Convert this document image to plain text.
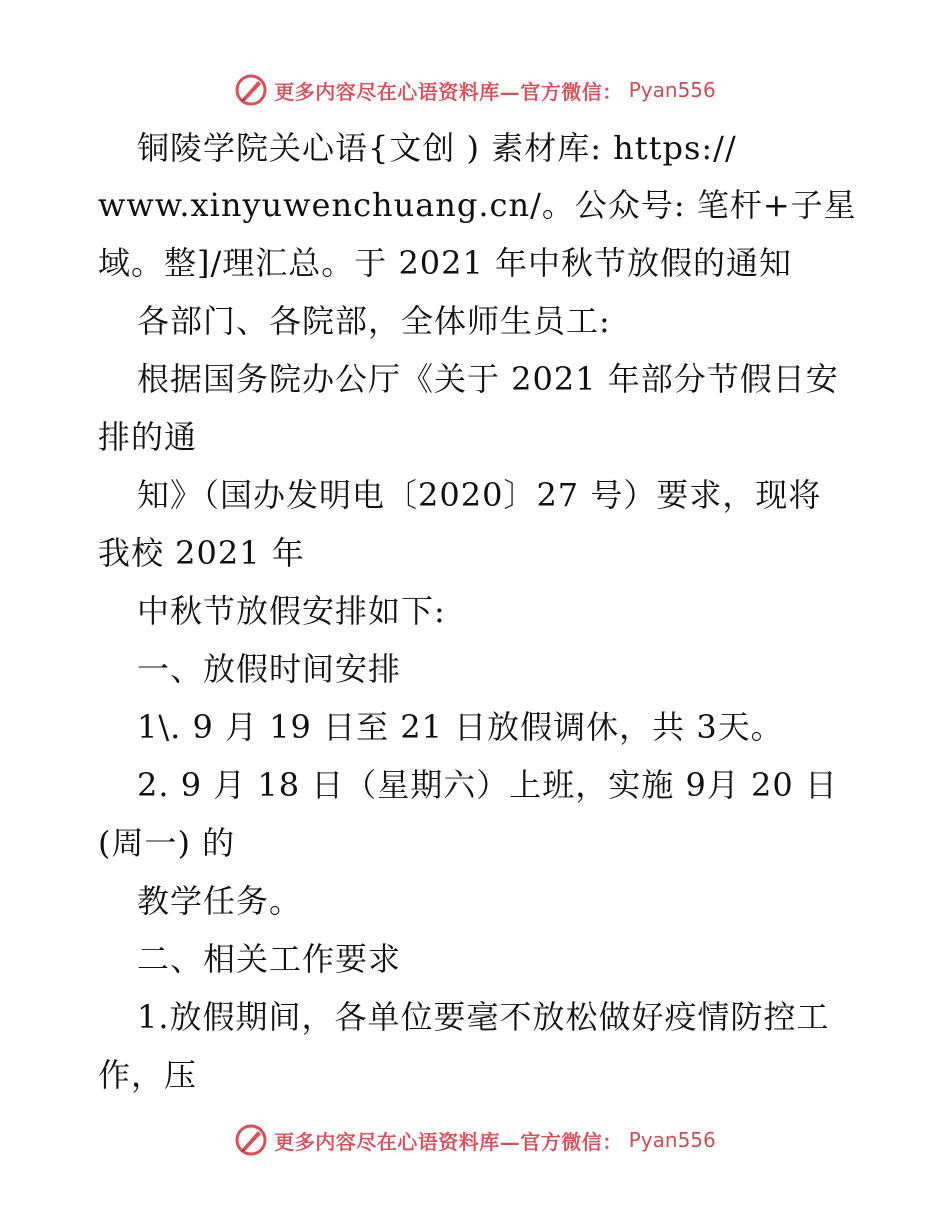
更多内容尽在心语资料库—官方微信： Pyan556
铜陵学院关心语{文创 ) 素材库: https://
www.xinyuwenchuang.cn/。公众号: 笔杆+子星
域。整]/理汇总。于 2021 年中秋节放假的通知
各部门、各院部，全体师生员工:
根据国务院办公厅《关于 2021 年部分节假日安
排的通
知》（国办发明电〔2020〕27 号）要求，现将
我校 2021 年
中秋节放假安排如下:
一、放假时间安排
1\. 9 月 19 日至 21 日放假调休，共 3天。
2. 9 月 18 日（星期六）上班，实施 9月 20 日
(周一) 的
教学任务。
二、相关工作要求
1.放假期间，各单位要毫不放松做好疫情防控工
作，压
更多内容尽在心语资料库—官方微信： Pyan556
